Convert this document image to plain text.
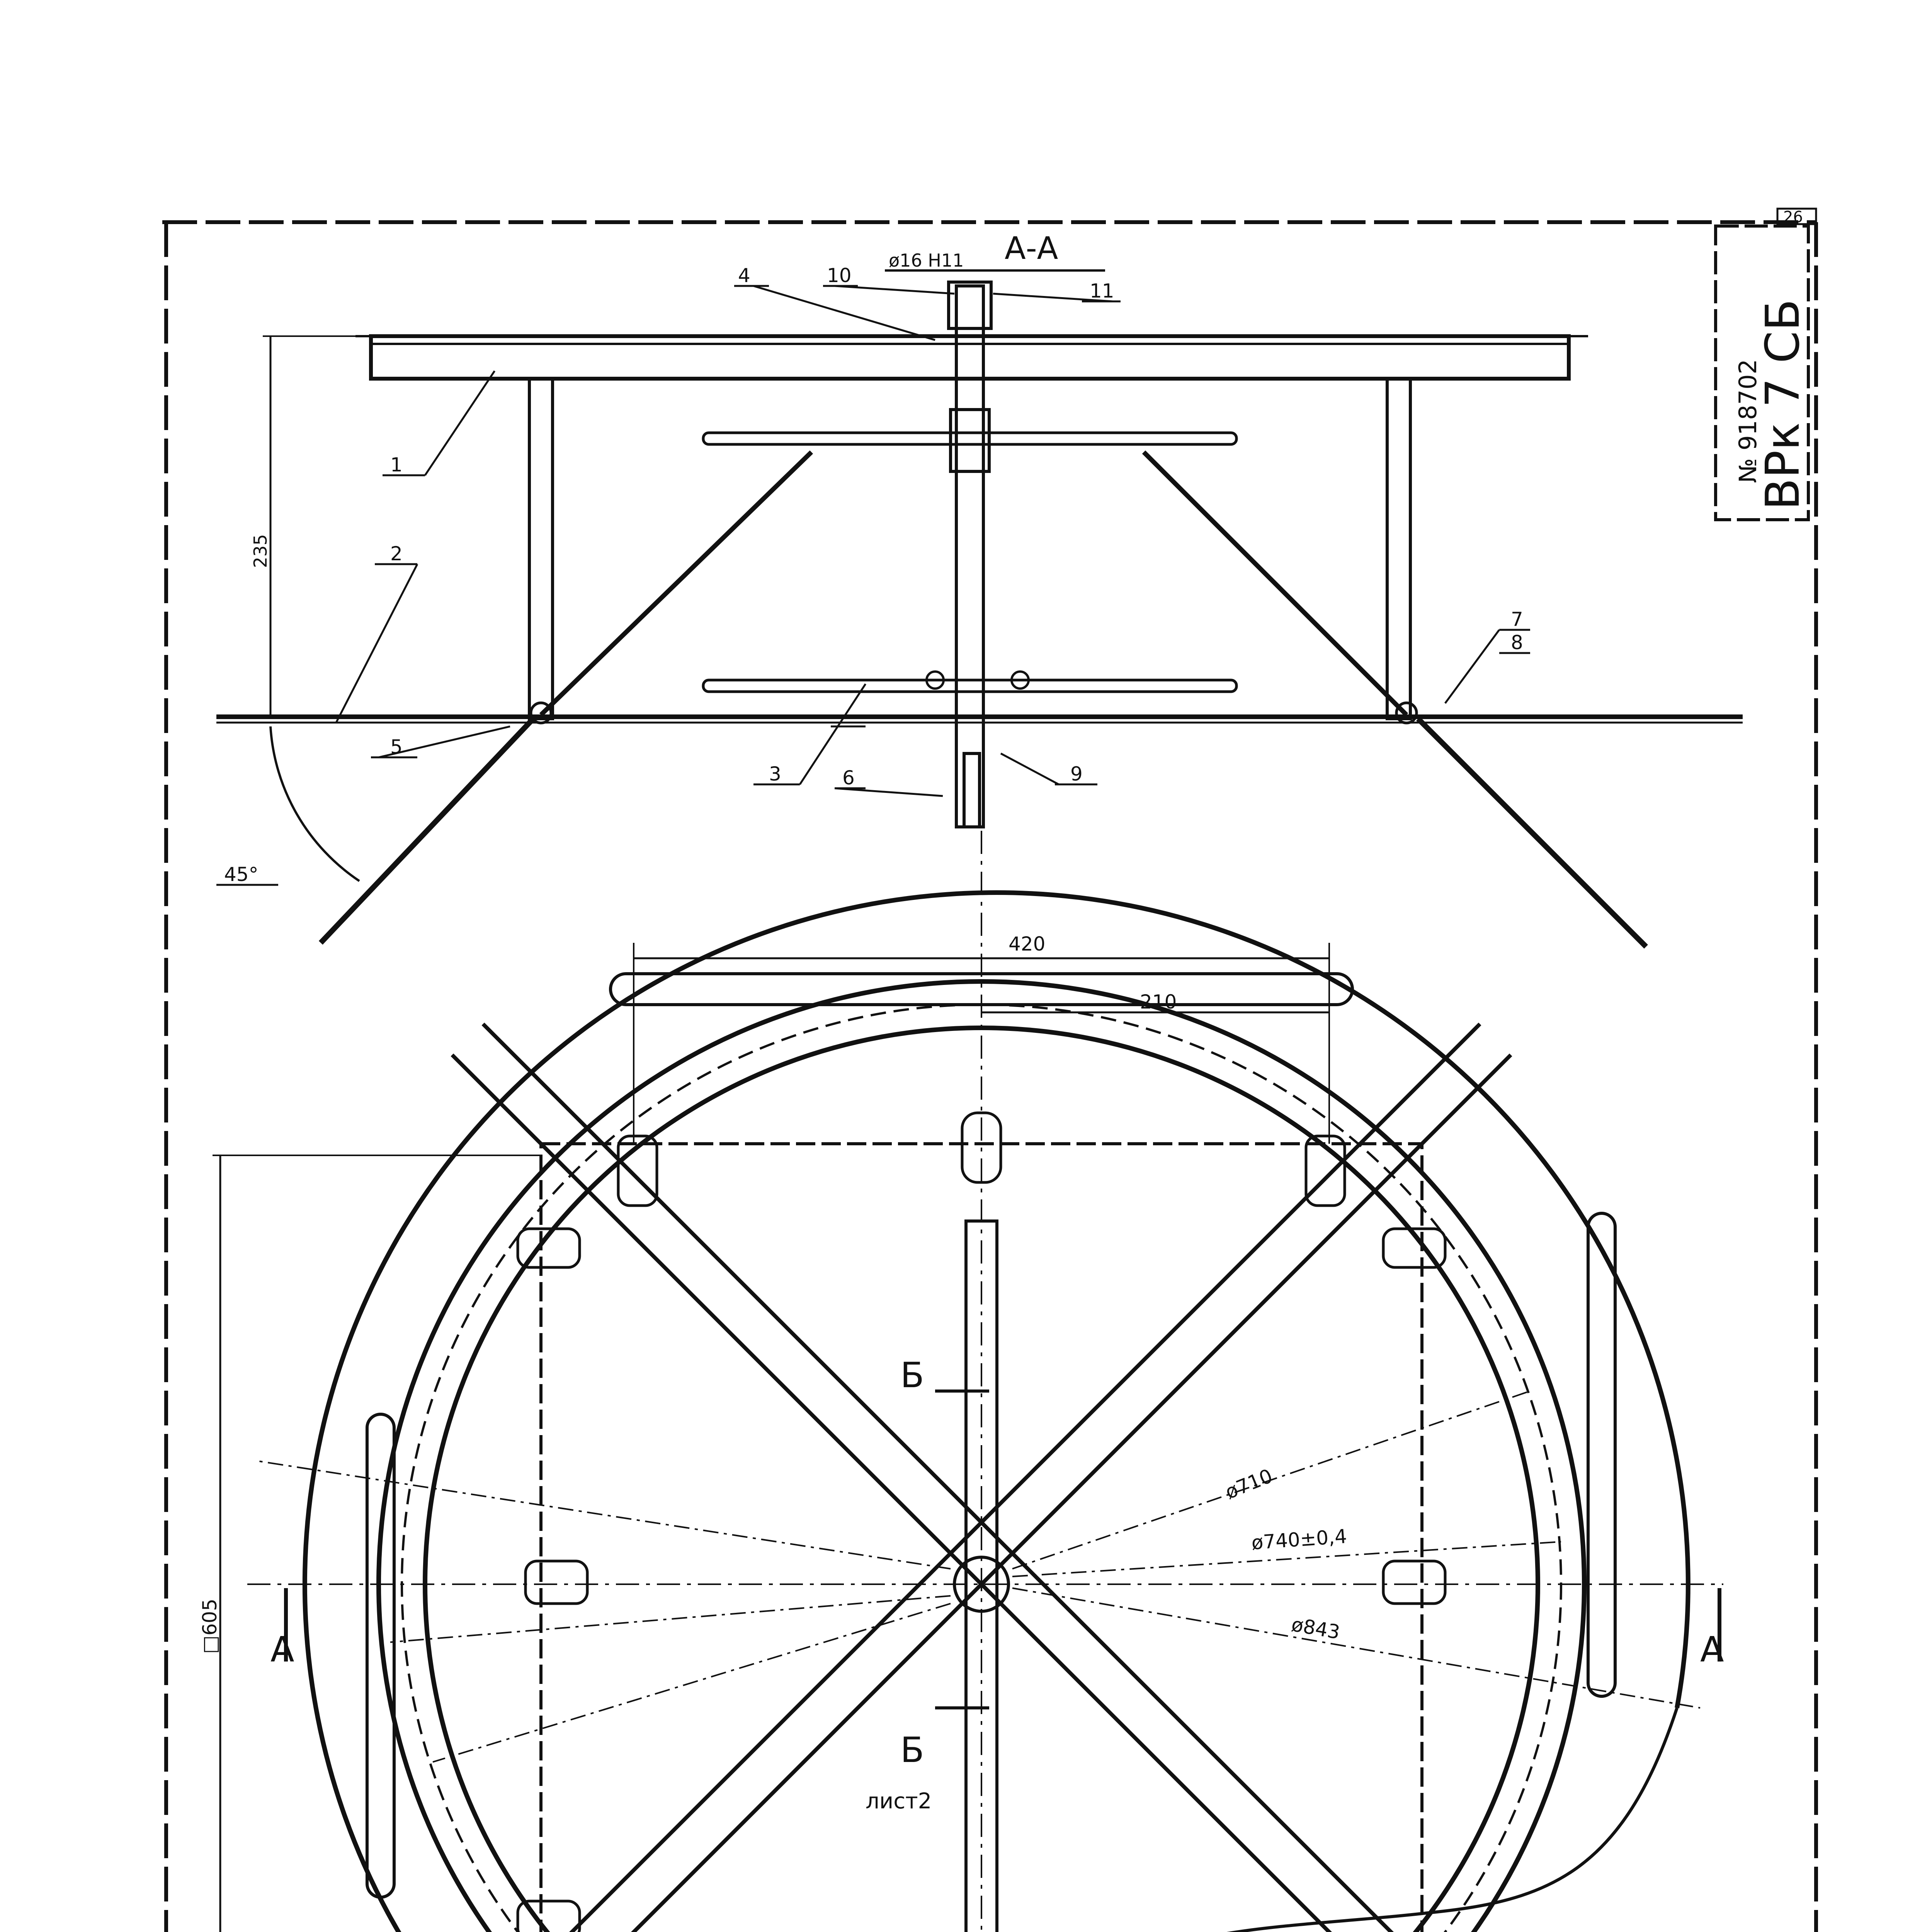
26
№ 918702
ВРк 7 СБ
А-А
ø16 Н11
235
45°
1
2
3
4
5
6
7
8
9
10
11
420
210
□605
ø710
ø740±0,4
ø843
А	А
Б
Б
лист2
